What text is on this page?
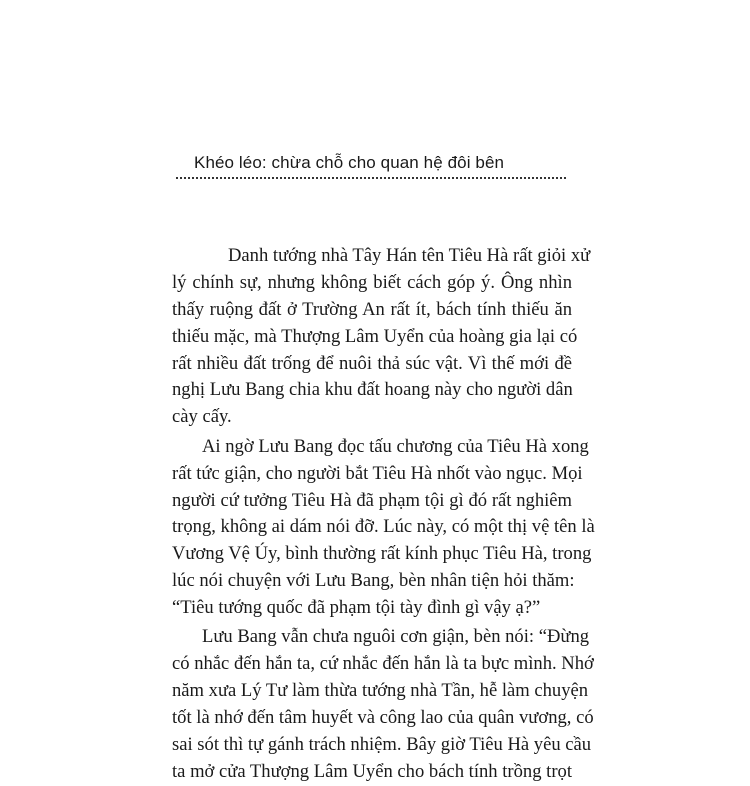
Khéo léo: chừa chỗ cho quan hệ đôi bên
Danh tướng nhà Tây Hán tên Tiêu Hà rất giỏi xử
lý chính sự, nhưng không biết cách góp ý. Ông nhìn
thấy ruộng đất ở Trường An rất ít, bách tính thiếu ăn
thiếu mặc, mà Thượng Lâm Uyển của hoàng gia lại có
rất nhiều đất trống để nuôi thả súc vật. Vì thế mới đề
nghị Lưu Bang chia khu đất hoang này cho người dân
cày cấy.
Ai ngờ Lưu Bang đọc tấu chương của Tiêu Hà xong
rất tức giận, cho người bắt Tiêu Hà nhốt vào ngục. Mọi
người cứ tưởng Tiêu Hà đã phạm tội gì đó rất nghiêm
trọng, không ai dám nói đỡ. Lúc này, có một thị vệ tên là
Vương Vệ Úy, bình thường rất kính phục Tiêu Hà, trong
lúc nói chuyện với Lưu Bang, bèn nhân tiện hỏi thăm:
“Tiêu tướng quốc đã phạm tội tày đình gì vậy ạ?”
Lưu Bang vẫn chưa nguôi cơn giận, bèn nói: “Đừng
có nhắc đến hắn ta, cứ nhắc đến hắn là ta bực mình. Nhớ
năm xưa Lý Tư làm thừa tướng nhà Tần, hễ làm chuyện
tốt là nhớ đến tâm huyết và công lao của quân vương, có
sai sót thì tự gánh trách nhiệm. Bây giờ Tiêu Hà yêu cầu
ta mở cửa Thượng Lâm Uyển cho bách tính trồng trọt
